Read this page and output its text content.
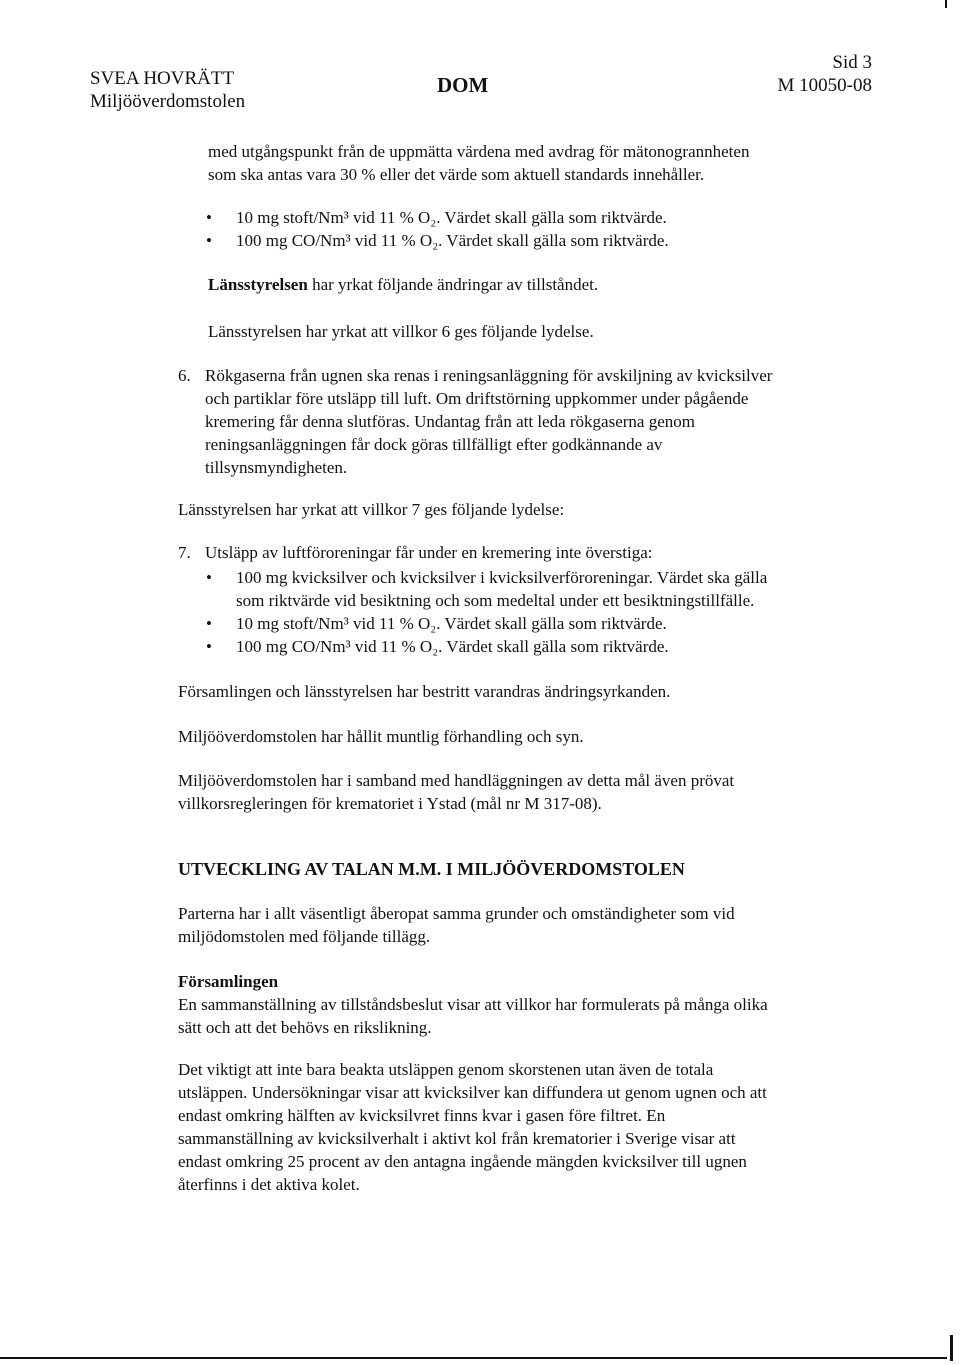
SVEA HOVRÄTT
Miljööverdomstolen
DOM
Sid 3
M 10050-08
med utgångspunkt från de uppmätta värdena med avdrag för mätonogrannheten
som ska antas vara 30 % eller det värde som aktuell standards innehåller.
• 10 mg stoft/Nm³ vid 11 % O₂. Värdet skall gälla som riktvärde.
• 100 mg CO/Nm³ vid 11 % O₂. Värdet skall gälla som riktvärde.
Länsstyrelsen har yrkat följande ändringar av tillståndet.
Länsstyrelsen har yrkat att villkor 6 ges följande lydelse.
6. Rökgaserna från ugnen ska renas i reningsanläggning för avskiljning av kvicksilver
och partiklar före utsläpp till luft. Om driftstörning uppkommer under pågående
kremering får denna slutföras. Undantag från att leda rökgaserna genom
reningsanläggningen får dock göras tillfälligt efter godkännande av
tillsynsmyndigheten.
Länsstyrelsen har yrkat att villkor 7 ges följande lydelse:
7. Utsläpp av luftföroreningar får under en kremering inte överstiga:
• 100 mg kvicksilver och kvicksilver i kvicksilverföroreningar. Värdet ska gälla
som riktvärde vid besiktning och som medeltal under ett besiktningstillfälle.
• 10 mg stoft/Nm³ vid 11 % O₂. Värdet skall gälla som riktvärde.
• 100 mg CO/Nm³ vid 11 % O₂. Värdet skall gälla som riktvärde.
Församlingen och länsstyrelsen har bestritt varandras ändringsyrkanden.
Miljööverdomstolen har hållit muntlig förhandling och syn.
Miljööverdomstolen har i samband med handläggningen av detta mål även prövat
villkorsregleringen för krematoriet i Ystad (mål nr M 317-08).
UTVECKLING AV TALAN M.M. I MILJÖÖVERDOMSTOLEN
Parterna har i allt väsentligt åberopat samma grunder och omständigheter som vid
miljödomstolen med följande tillägg.
Församlingen
En sammanställning av tillståndsbeslut visar att villkor har formulerats på många olika
sätt och att det behövs en rikslikning.
Det viktigt att inte bara beakta utsläppen genom skorstenen utan även de totala
utsläppen. Undersökningar visar att kvicksilver kan diffundera ut genom ugnen och att
endast omkring hälften av kvicksilvret finns kvar i gasen före filtret. En
sammanställning av kvicksilverhalt i aktivt kol från krematorier i Sverige visar att
endast omkring 25 procent av den antagna ingående mängden kvicksilver till ugnen
återfinns i det aktiva kolet.
